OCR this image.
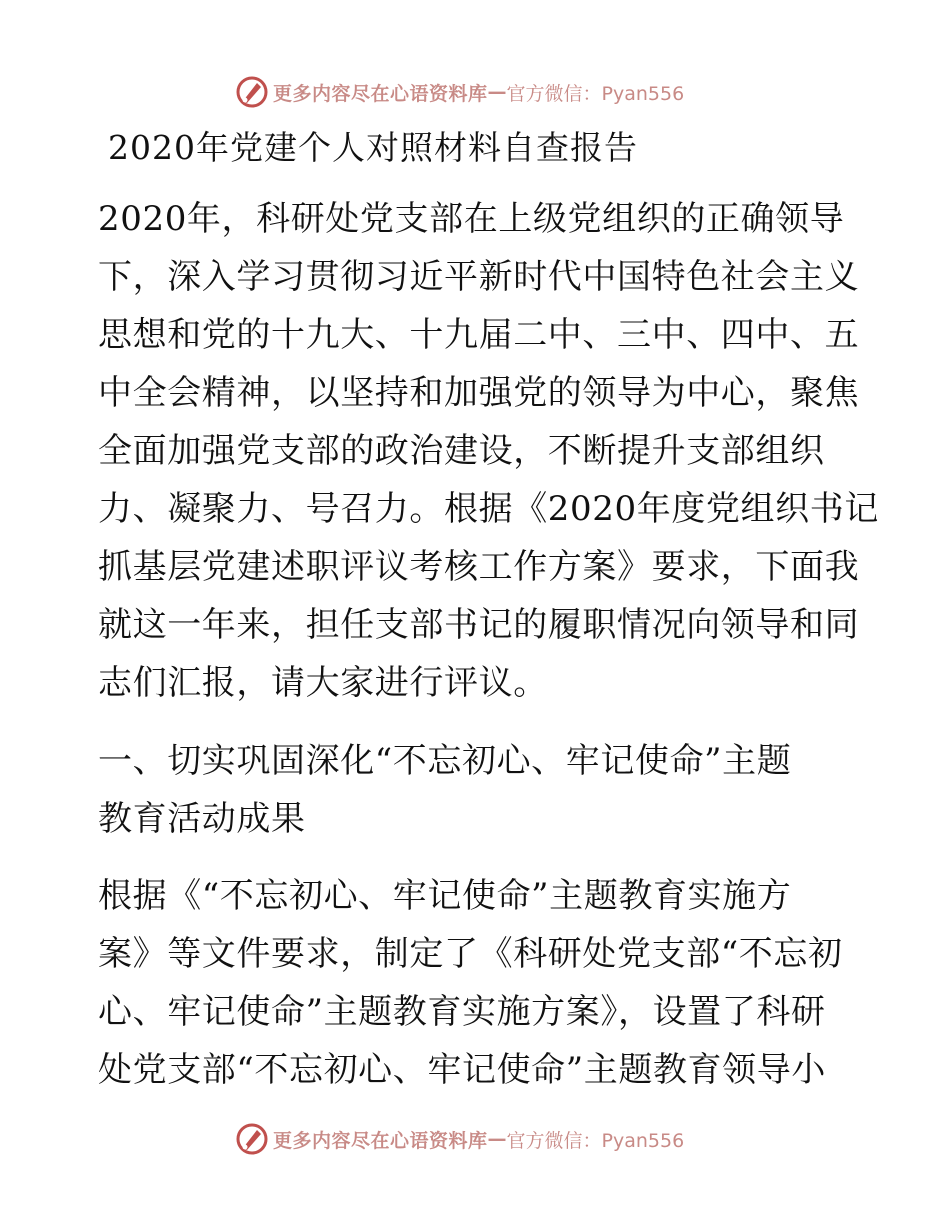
更多内容尽在心语资料库 — 官方微信：Pyan556
2020年党建个人对照材料自查报告
2020年，科研处党支部在上级党组织的正确领导
下，深入学习贯彻习近平新时代中国特色社会主义
思想和党的十九大、十九届二中、三中、四中、五
中全会精神，以坚持和加强党的领导为中心，聚焦
全面加强党支部的政治建设，不断提升支部组织
力、凝聚力、号召力。根据《2020年度党组织书记
抓基层党建述职评议考核工作方案》要求，下面我
就这一年来，担任支部书记的履职情况向领导和同
志们汇报，请大家进行评议。
一、切实巩固深化“不忘初心、牢记使命”主题
教育活动成果
根据《“不忘初心、牢记使命”主题教育实施方
案》等文件要求，制定了《科研处党支部“不忘初
心、牢记使命”主题教育实施方案》，设置了科研
处党支部“不忘初心、牢记使命”主题教育领导小
更多内容尽在心语资料库 — 官方微信：Pyan556
